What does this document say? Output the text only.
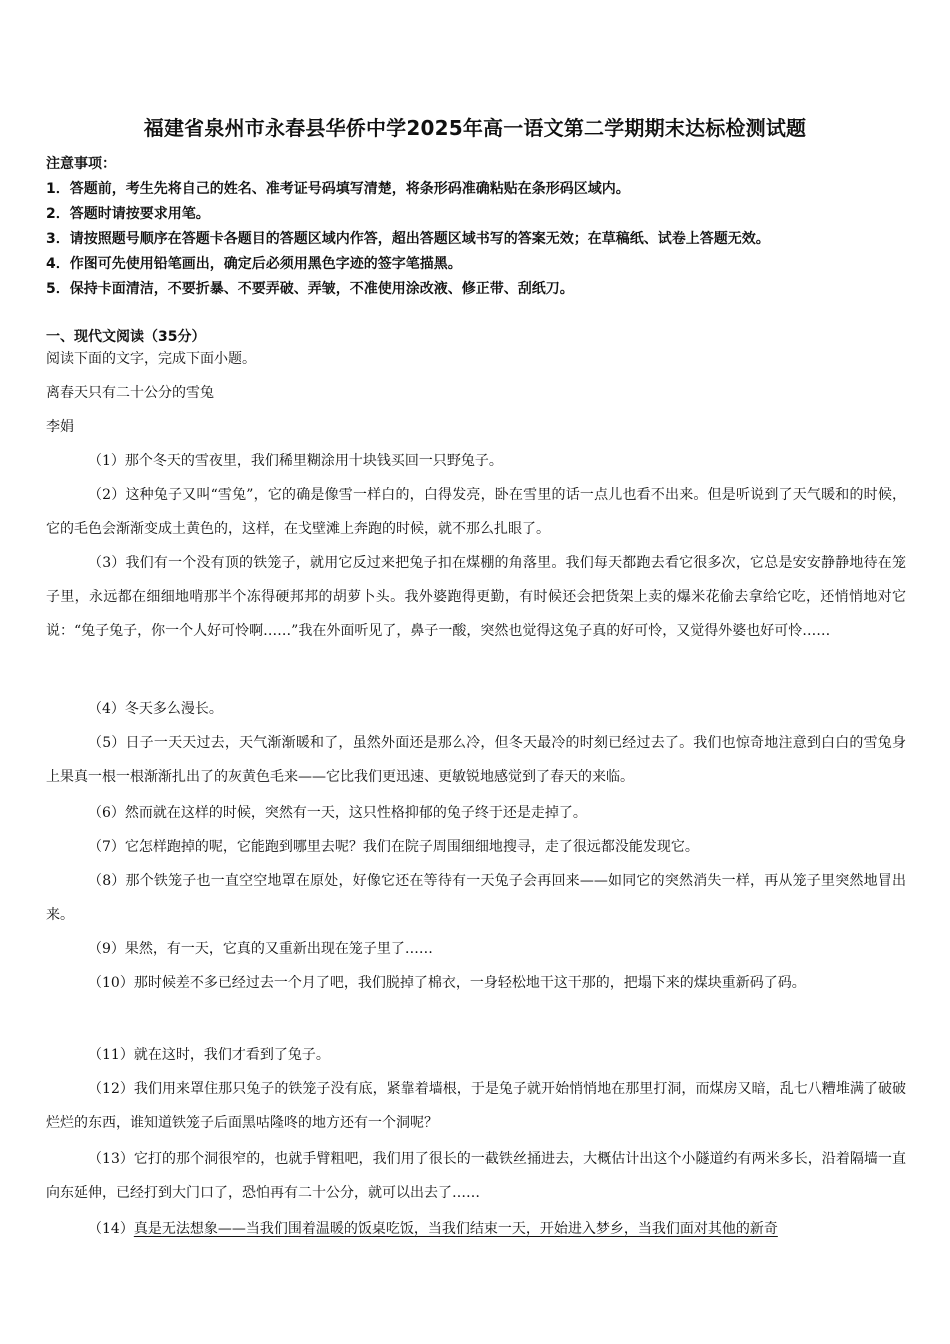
福建省泉州市永春县华侨中学2025年高一语文第二学期期末达标检测试题
注意事项：
1．答题前，考生先将自己的姓名、准考证号码填写清楚，将条形码准确粘贴在条形码区域内。
2．答题时请按要求用笔。
3．请按照题号顺序在答题卡各题目的答题区域内作答，超出答题区域书写的答案无效；在草稿纸、试卷上答题无效。
4．作图可先使用铅笔画出，确定后必须用黑色字迹的签字笔描黑。
5．保持卡面清洁，不要折暴、不要弄破、弄皱，不准使用涂改液、修正带、刮纸刀。
一、现代文阅读（35分）
阅读下面的文字，完成下面小题。
离春天只有二十公分的雪兔
李娟
（1）那个冬天的雪夜里，我们稀里糊涂用十块钱买回一只野兔子。
（2）这种兔子又叫“雪兔”，它的确是像雪一样白的，白得发亮，卧在雪里的话一点儿也看不出来。但是听说到了天气暖和的时候，它的毛色会渐渐变成土黄色的，这样，在戈壁滩上奔跑的时候，就不那么扎眼了。
（3）我们有一个没有顶的铁笼子，就用它反过来把兔子扣在煤棚的角落里。我们每天都跑去看它很多次，它总是安安静静地待在笼子里，永远都在细细地啃那半个冻得硬邦邦的胡萝卜头。我外婆跑得更勤，有时候还会把货架上卖的爆米花偷去拿给它吃，还悄悄地对它说：“兔子兔子，你一个人好可怜啊……”我在外面听见了，鼻子一酸，突然也觉得这兔子真的好可怜，又觉得外婆也好可怜……
（4）冬天多么漫长。
（5）日子一天天过去，天气渐渐暖和了，虽然外面还是那么冷，但冬天最冷的时刻已经过去了。我们也惊奇地注意到白白的雪兔身上果真一根一根渐渐扎出了的灰黄色毛来——它比我们更迅速、更敏锐地感觉到了春天的来临。
（6）然而就在这样的时候，突然有一天，这只性格抑郁的兔子终于还是走掉了。
（7）它怎样跑掉的呢，它能跑到哪里去呢？我们在院子周围细细地搜寻，走了很远都没能发现它。
（8）那个铁笼子也一直空空地罩在原处，好像它还在等待有一天兔子会再回来——如同它的突然消失一样，再从笼子里突然地冒出来。
（9）果然，有一天，它真的又重新出现在笼子里了……
（10）那时候差不多已经过去一个月了吧，我们脱掉了棉衣，一身轻松地干这干那的，把塌下来的煤块重新码了码。
（11）就在这时，我们才看到了兔子。
（12）我们用来罩住那只兔子的铁笼子没有底，紧靠着墙根，于是兔子就开始悄悄地在那里打洞，而煤房又暗，乱七八糟堆满了破破烂烂的东西，谁知道铁笼子后面黑咕隆咚的地方还有一个洞呢？
（13）它打的那个洞很窄的，也就手臂粗吧，我们用了很长的一截铁丝捅进去，大概估计出这个小隧道约有两米多长，沿着隔墙一直向东延伸，已经打到大门口了，恐怕再有二十公分，就可以出去了……
（14）真是无法想象——当我们围着温暖的饭桌吃饭，当我们结束一天，开始进入梦乡，当我们面对其他的新奇
